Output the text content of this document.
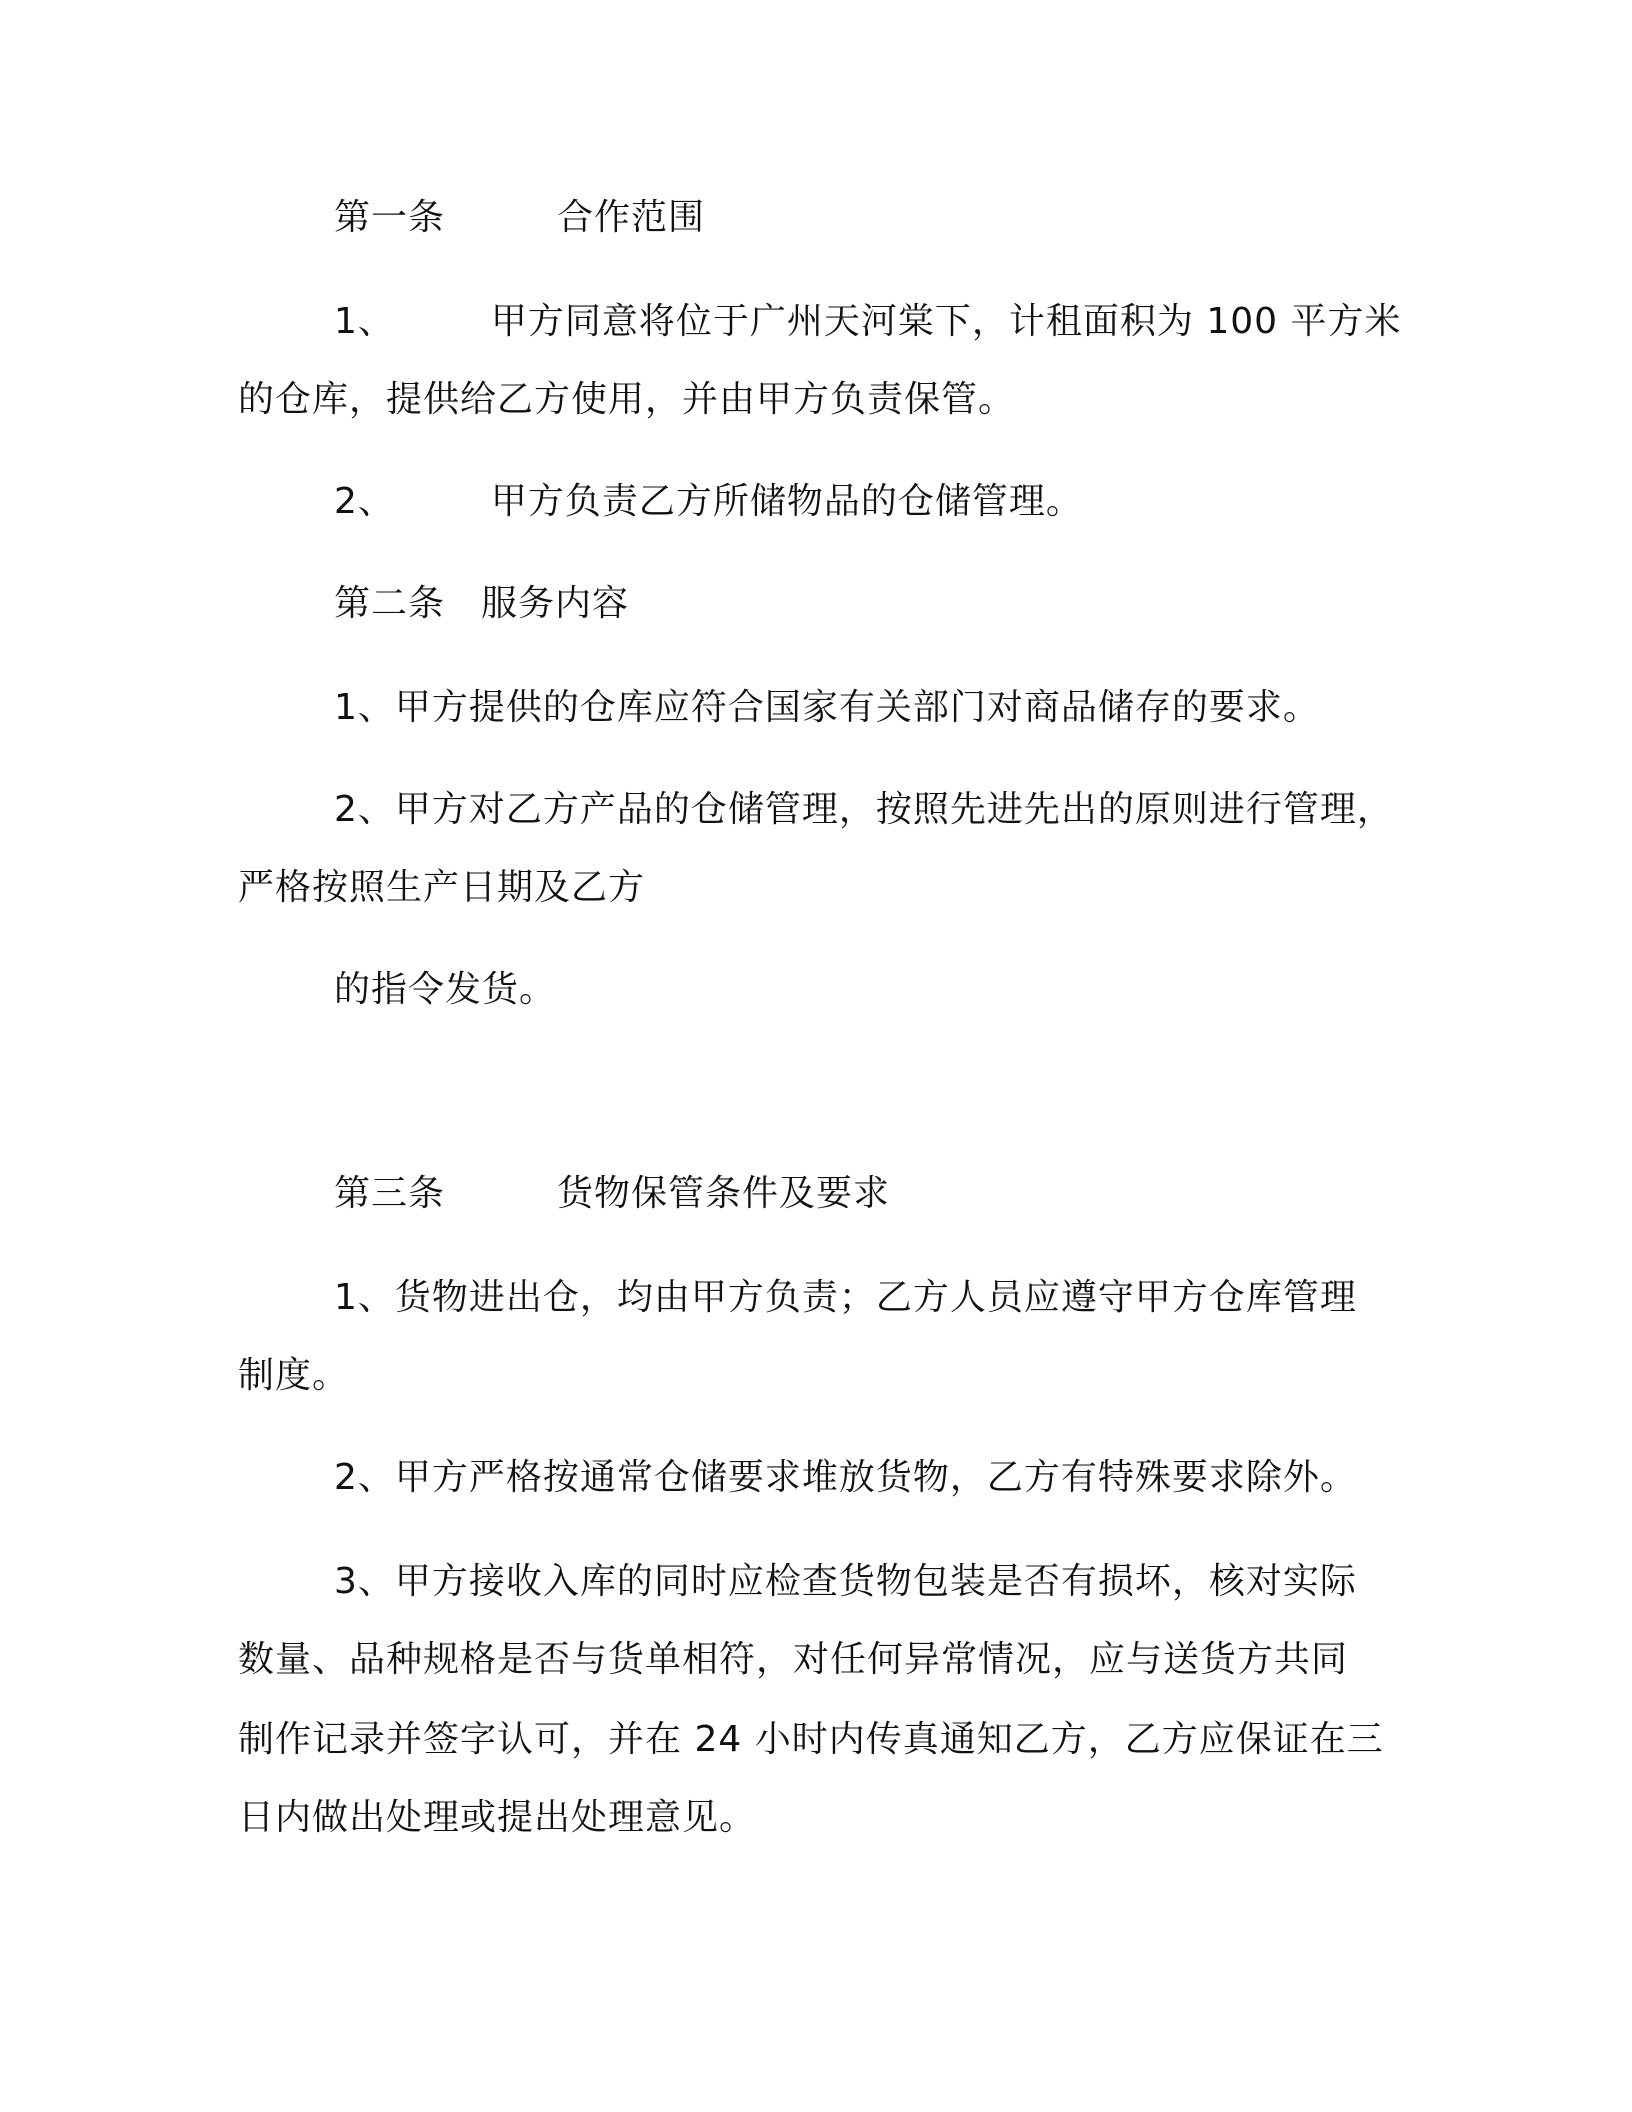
第一条	合作范围
1、	甲方同意将位于广州天河棠下，计租面积为 100 平方米
的仓库，提供给乙方使用，并由甲方负责保管。
2、	甲方负责乙方所储物品的仓储管理。
第二条 服务内容
1、甲方提供的仓库应符合国家有关部门对商品储存的要求。
2、甲方对乙方产品的仓储管理，按照先进先出的原则进行管理，
严格按照生产日期及乙方
的指令发货。
第三条	货物保管条件及要求
1、货物进出仓，均由甲方负责；乙方人员应遵守甲方仓库管理
制度。
2、甲方严格按通常仓储要求堆放货物，乙方有特殊要求除外。
3、甲方接收入库的同时应检查货物包装是否有损坏，核对实际
数量、品种规格是否与货单相符，对任何异常情况，应与送货方共同
制作记录并签字认可，并在 24 小时内传真通知乙方，乙方应保证在三
日内做出处理或提出处理意见。
